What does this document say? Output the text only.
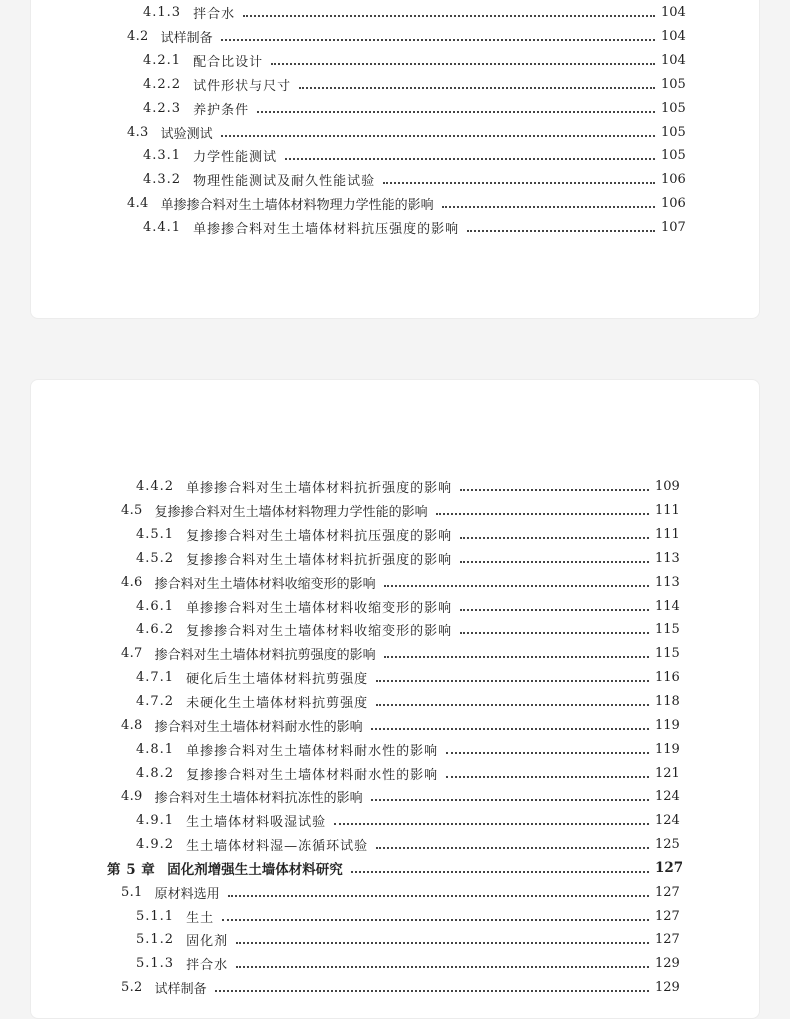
4.1.3 拌合水	104
4.2 试样制备	104
4.2.1 配合比设计	104
4.2.2 试件形状与尺寸	105
4.2.3 养护条件	105
4.3 试验测试	105
4.3.1 力学性能测试	105
4.3.2 物理性能测试及耐久性能试验	106
4.4 单掺掺合料对生土墙体材料物理力学性能的影响	106
4.4.1 单掺掺合料对生土墙体材料抗压强度的影响	107
4.4.2 单掺掺合料对生土墙体材料抗折强度的影响	109
4.5 复掺掺合料对生土墙体材料物理力学性能的影响	111
4.5.1 复掺掺合料对生土墙体材料抗压强度的影响	111
4.5.2 复掺掺合料对生土墙体材料抗折强度的影响	113
4.6 掺合料对生土墙体材料收缩变形的影响	113
4.6.1 单掺掺合料对生土墙体材料收缩变形的影响	114
4.6.2 复掺掺合料对生土墙体材料收缩变形的影响	115
4.7 掺合料对生土墙体材料抗剪强度的影响	115
4.7.1 硬化后生土墙体材料抗剪强度	116
4.7.2 未硬化生土墙体材料抗剪强度	118
4.8 掺合料对生土墙体材料耐水性的影响	119
4.8.1 单掺掺合料对生土墙体材料耐水性的影响	119
4.8.2 复掺掺合料对生土墙体材料耐水性的影响	121
4.9 掺合料对生土墙体材料抗冻性的影响	124
4.9.1 生土墙体材料吸湿试验	124
4.9.2 生土墙体材料湿—冻循环试验	125
第 5 章 固化剂增强生土墙体材料研究	127
5.1 原材料选用	127
5.1.1 生土	127
5.1.2 固化剂	127
5.1.3 拌合水	129
5.2 试样制备	129
